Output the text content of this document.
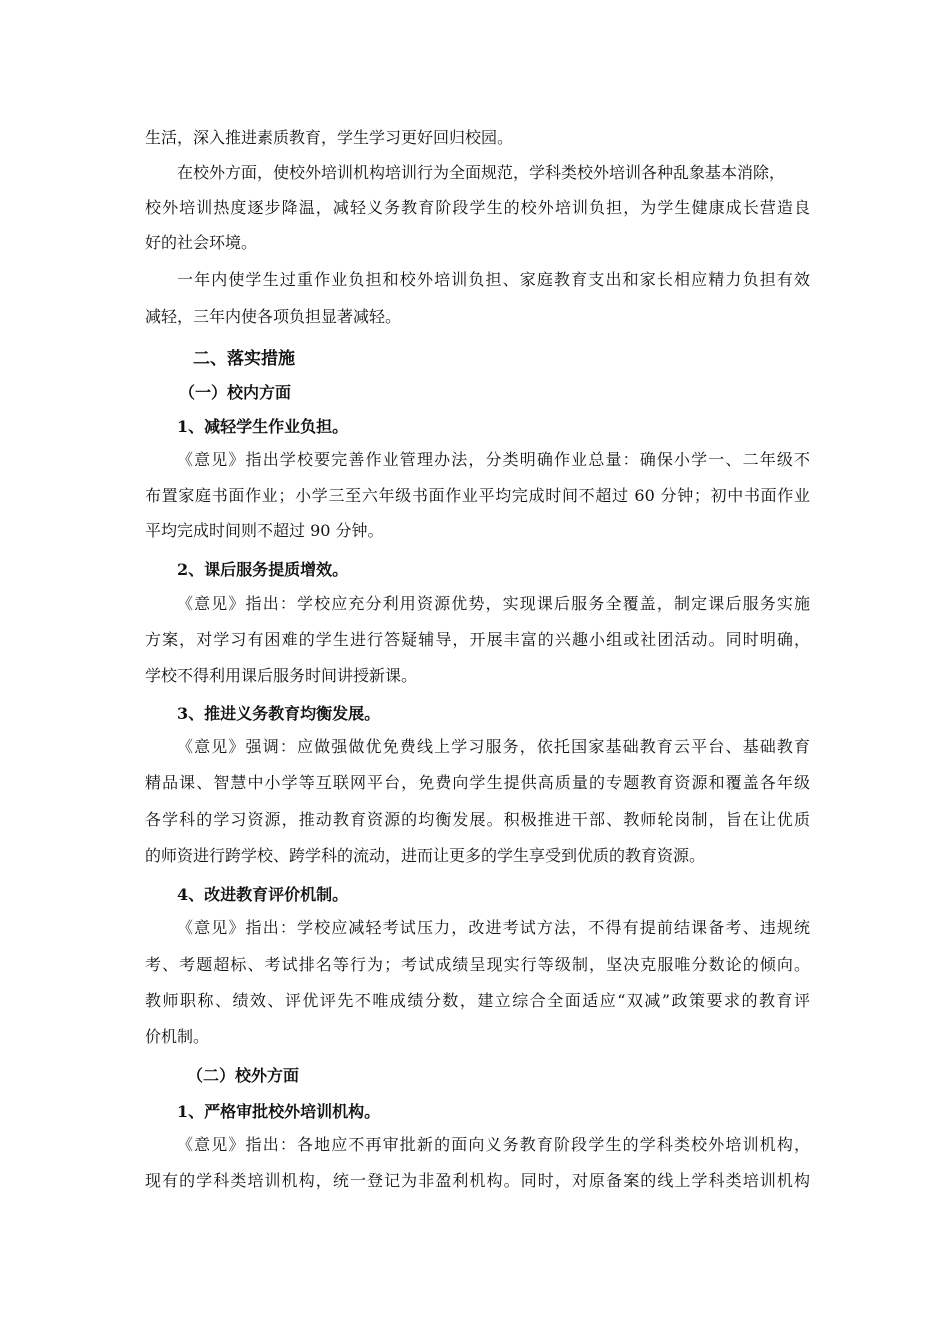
生活，深入推进素质教育，学生学习更好回归校园。
在校外方面，使校外培训机构培训行为全面规范，学科类校外培训各种乱象基本消除，
校外培训热度逐步降温，减轻义务教育阶段学生的校外培训负担，为学生健康成长营造良
好的社会环境。
一年内使学生过重作业负担和校外培训负担、家庭教育支出和家长相应精力负担有效
减轻，三年内使各项负担显著减轻。
二、落实措施
（一）校内方面
1、减轻学生作业负担。
《意见》指出学校要完善作业管理办法，分类明确作业总量：确保小学一、二年级不
布置家庭书面作业；小学三至六年级书面作业平均完成时间不超过 60 分钟；初中书面作业
平均完成时间则不超过 90 分钟。
2、课后服务提质增效。
《意见》指出：学校应充分利用资源优势，实现课后服务全覆盖，制定课后服务实施
方案，对学习有困难的学生进行答疑辅导，开展丰富的兴趣小组或社团活动。同时明确，
学校不得利用课后服务时间讲授新课。
3、推进义务教育均衡发展。
《意见》强调：应做强做优免费线上学习服务，依托国家基础教育云平台、基础教育
精品课、智慧中小学等互联网平台，免费向学生提供高质量的专题教育资源和覆盖各年级
各学科的学习资源，推动教育资源的均衡发展。积极推进干部、教师轮岗制，旨在让优质
的师资进行跨学校、跨学科的流动，进而让更多的学生享受到优质的教育资源。
4、改进教育评价机制。
《意见》指出：学校应减轻考试压力，改进考试方法，不得有提前结课备考、违规统
考、考题超标、考试排名等行为；考试成绩呈现实行等级制，坚决克服唯分数论的倾向。
教师职称、绩效、评优评先不唯成绩分数，建立综合全面适应“双减”政策要求的教育评
价机制。
（二）校外方面
1、严格审批校外培训机构。
《意见》指出：各地应不再审批新的面向义务教育阶段学生的学科类校外培训机构，
现有的学科类培训机构，统一登记为非盈利机构。同时，对原备案的线上学科类培训机构
